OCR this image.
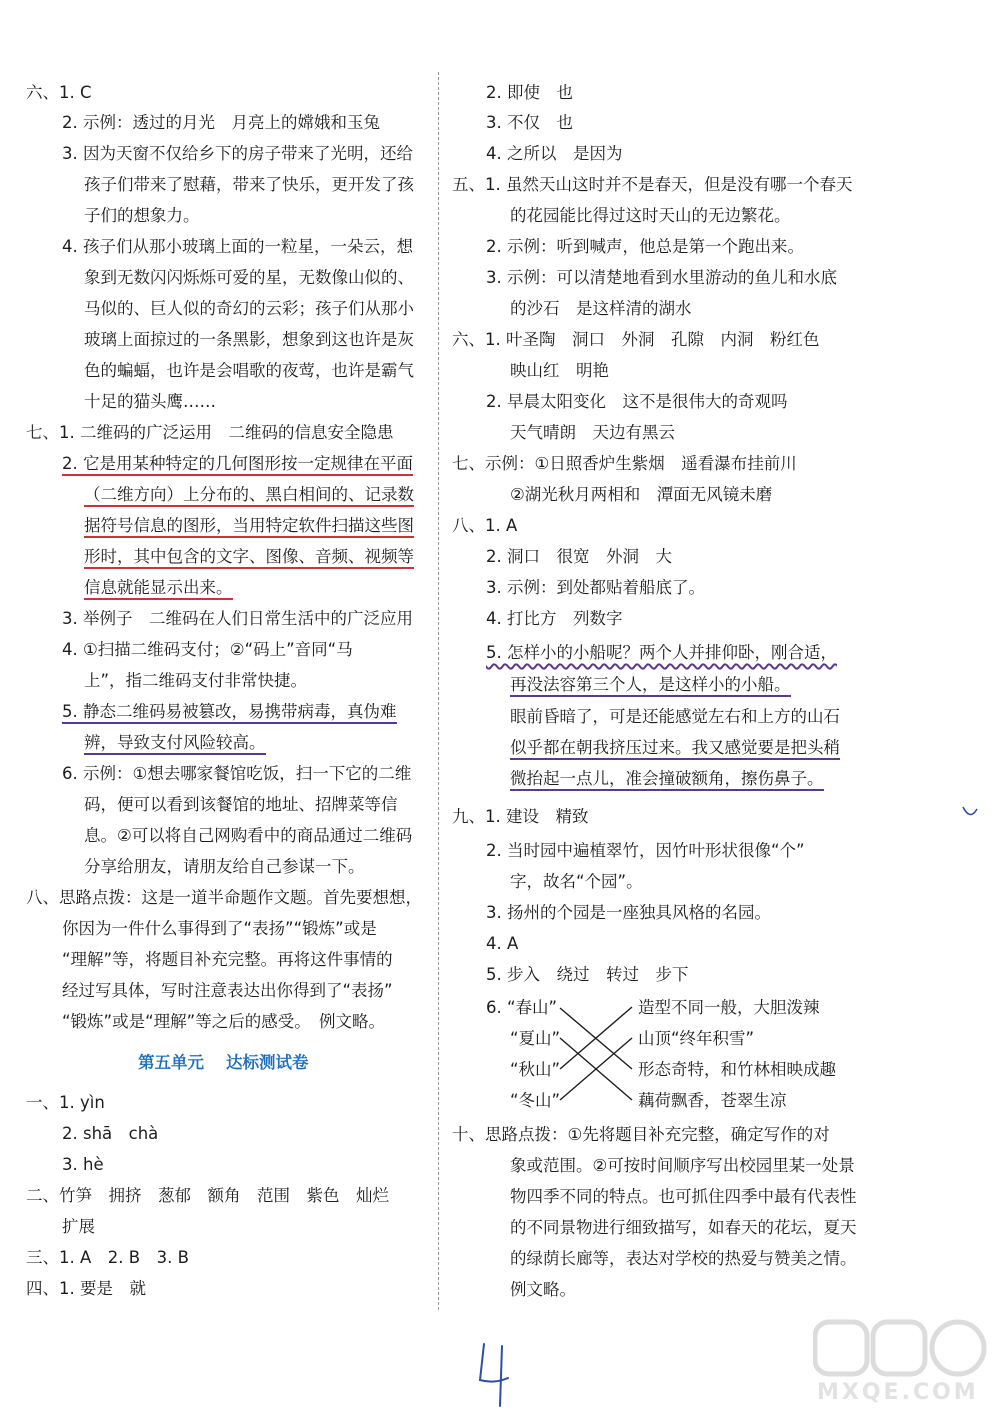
六、1. C
2. 示例：透过的月光　月亮上的嫦娥和玉兔
3. 因为天窗不仅给乡下的房子带来了光明，还给
孩子们带来了慰藉，带来了快乐，更开发了孩
子们的想象力。
4. 孩子们从那小玻璃上面的一粒星，一朵云，想
象到无数闪闪烁烁可爱的星，无数像山似的、
马似的、巨人似的奇幻的云彩；孩子们从那小
玻璃上面掠过的一条黑影，想象到这也许是灰
色的蝙蝠，也许是会唱歌的夜莺，也许是霸气
十足的猫头鹰……
七、1. 二维码的广泛运用　二维码的信息安全隐患
2. 它是用某种特定的几何图形按一定规律在平面
（二维方向）上分布的、黑白相间的、记录数
据符号信息的图形，当用特定软件扫描这些图
形时，其中包含的文字、图像、音频、视频等
信息就能显示出来。
3. 举例子　二维码在人们日常生活中的广泛应用
4. ①扫描二维码支付；②“码上”音同“马
上”，指二维码支付非常快捷。
5. 静态二维码易被篡改，易携带病毒，真伪难
辨，导致支付风险较高。
6. 示例：①想去哪家餐馆吃饭，扫一下它的二维
码，便可以看到该餐馆的地址、招牌菜等信
息。②可以将自己网购看中的商品通过二维码
分享给朋友，请朋友给自己参谋一下。
八、思路点拨：这是一道半命题作文题。首先要想想，
你因为一件什么事得到了“表扬”“锻炼”或是
“理解”等，将题目补充完整。再将这件事情的
经过写具体，写时注意表达出你得到了“表扬”
“锻炼”或是“理解”等之后的感受。　例文略。
第五单元 达标测试卷
一、1. yìn
2. shā　chà
3. hè
二、竹笋　拥挤　葱郁　额角　范围　紫色　灿烂
扩展
三、1. A　2. B　3. B
四、1. 要是　就
2. 即使　也
3. 不仅　也
4. 之所以　是因为
五、1. 虽然天山这时并不是春天，但是没有哪一个春天
的花园能比得过这时天山的无边繁花。
2. 示例：听到喊声，他总是第一个跑出来。
3. 示例：可以清楚地看到水里游动的鱼儿和水底
的沙石　是这样清的湖水
六、1. 叶圣陶　洞口　外洞　孔隙　内洞　粉红色
映山红　明艳
2. 早晨太阳变化　这不是很伟大的奇观吗
天气晴朗　天边有黑云
七、示例：①日照香炉生紫烟　遥看瀑布挂前川
②湖光秋月两相和　潭面无风镜未磨
八、1. A
2. 洞口　很宽　外洞　大
3. 示例：到处都贴着船底了。
4. 打比方　列数字
5. 怎样小的小船呢？两个人并排仰卧，刚合适，
再没法容第三个人，是这样小的小船。
眼前昏暗了，可是还能感觉左右和上方的山石
似乎都在朝我挤压过来。我又感觉要是把头稍
微抬起一点儿，准会撞破额角，擦伤鼻子。
九、1. 建设　精致
2. 当时园中遍植翠竹，因竹叶形状很像“个”
字，故名“个园”。
3. 扬州的个园是一座独具风格的名园。
4. A
5. 步入　绕过　转过　步下
6. “春山”
“夏山”
“秋山”
“冬山”
造型不同一般，大胆泼辣
山顶“终年积雪”
形态奇特，和竹林相映成趣
藕荷飘香，苍翠生凉
十、思路点拨：①先将题目补充完整，确定写作的对
象或范围。②可按时间顺序写出校园里某一处景
物四季不同的特点。也可抓住四季中最有代表性
的不同景物进行细致描写，如春天的花坛，夏天
的绿荫长廊等，表达对学校的热爱与赞美之情。
例文略。
4
MXQE.COM
